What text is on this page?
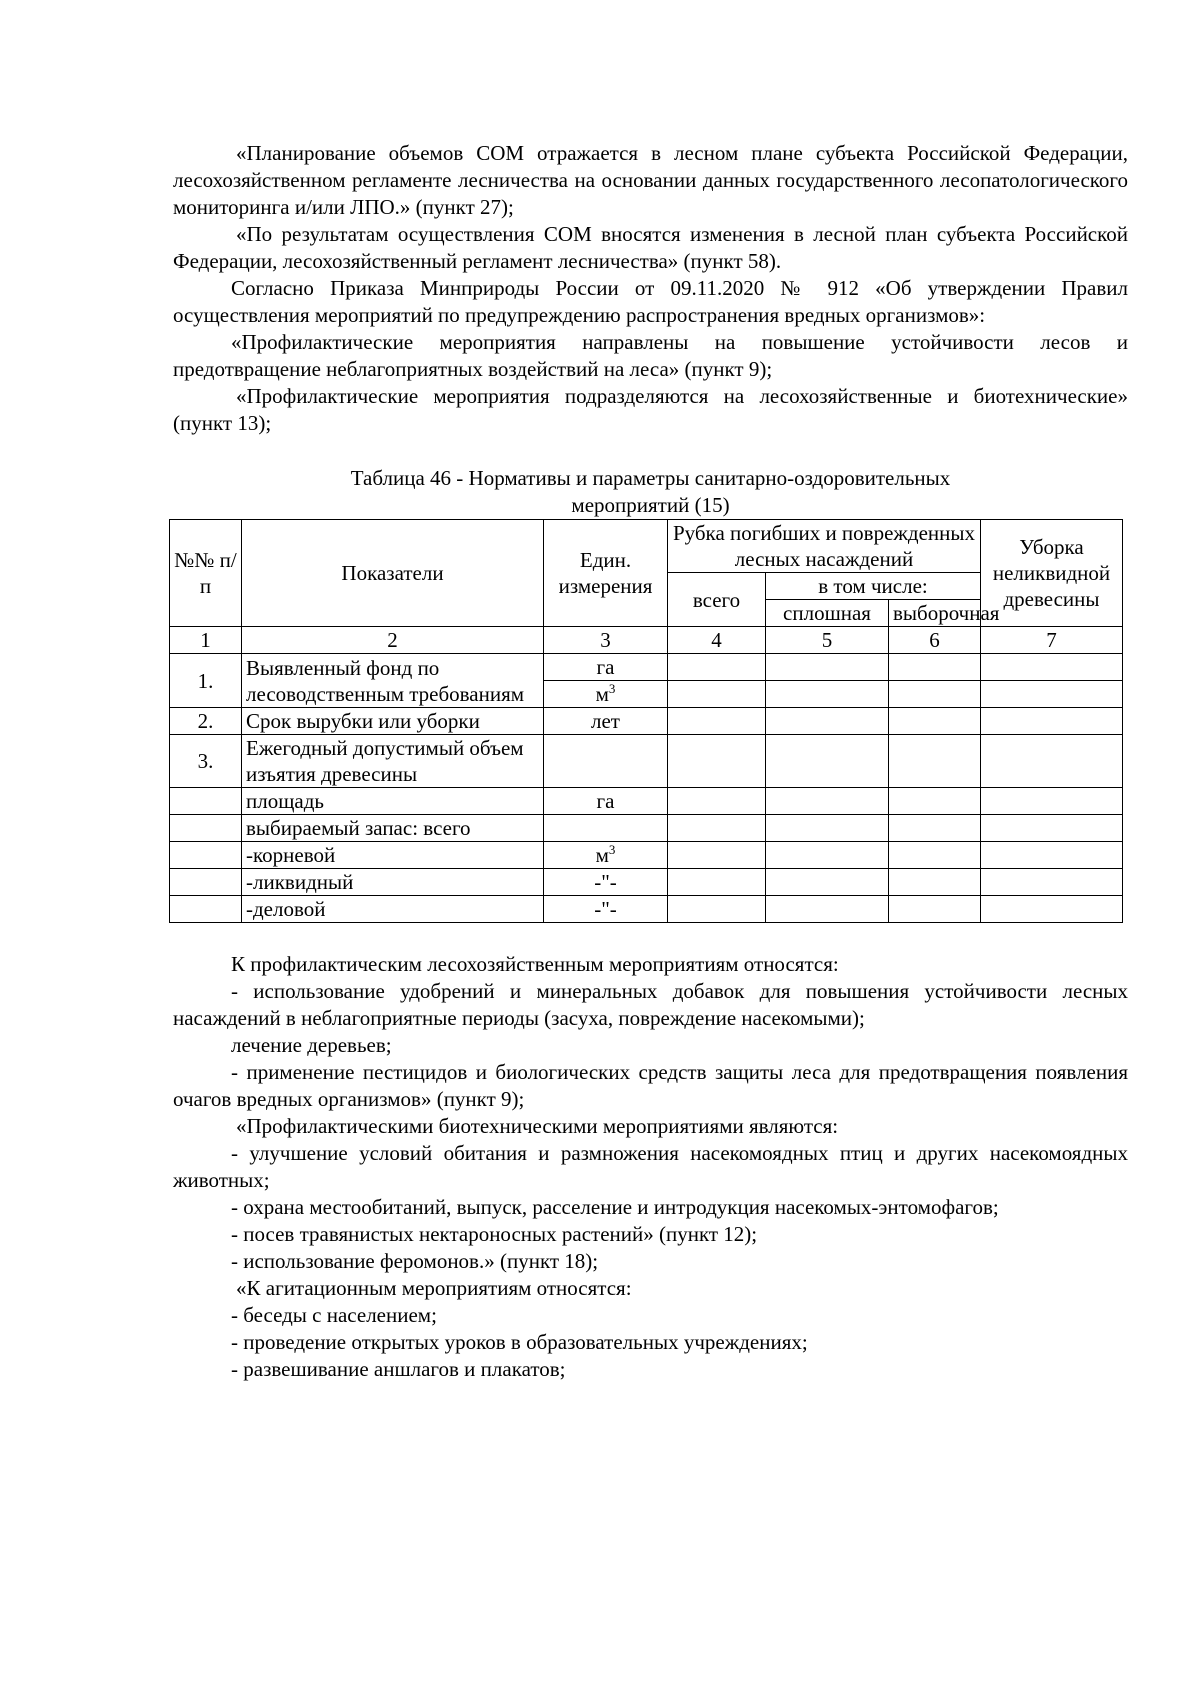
«Планирование объемов СОМ отражается в лесном плане субъекта Российской Федерации, лесохозяйственном регламенте лесничества на основании данных государственного лесопатологического мониторинга и/или ЛПО.» (пункт 27);

«По результатам осуществления СОМ вносятся изменения в лесной план субъекта Российской Федерации, лесохозяйственный регламент лесничества» (пункт 58).

Согласно Приказа Минприроды России от 09.11.2020 № 912 «Об утверждении Правил осуществления мероприятий по предупреждению распространения вредных организмов»:

«Профилактические мероприятия направлены на повышение устойчивости лесов и предотвращение неблагоприятных воздействий на леса» (пункт 9);

«Профилактические мероприятия подразделяются на лесохозяйственные и биотехнические» (пункт 13);

Таблица 46 - Нормативы и параметры санитарно-оздоровительных
мероприятий (15)
№№ п/п	Показатели	Един. измерения	Рубка погибших и поврежденных лесных насаждений			Уборка неликвидной древесины
			всего	в том числе:		
				сплошная	выборочная	

1	2	3	4	5	6	7
1.	Выявленный фонд по лесоводственным требованиям	га				
		$м^3$				
2.	Срок вырубки или уборки	лет				
3.	Ежегодный допустимый объем изъятия древесины					
	площадь	га				
	выбираемый запас: всего					
	-корневой	$м^3$				
	-ликвидный	-"-				
	-деловой	-"-				

К профилактическим лесохозяйственным мероприятиям относятся:

- использование удобрений и минеральных добавок для повышения устойчивости лесных насаждений в неблагоприятные периоды (засуха, повреждение насекомыми);

лечение деревьев;

- применение пестицидов и биологических средств защиты леса для предотвращения появления очагов вредных организмов» (пункт 9);

«Профилактическими биотехническими мероприятиями являются:

- улучшение условий обитания и размножения насекомоядных птиц и других насекомоядных животных;

- охрана местообитаний, выпуск, расселение и интродукция насекомых-энтомофагов;

- посев травянистых нектароносных растений» (пункт 12);

- использование феромонов.» (пункт 18);

«К агитационным мероприятиям относятся:

- беседы с населением;

- проведение открытых уроков в образовательных учреждениях;

- развешивание аншлагов и плакатов;
